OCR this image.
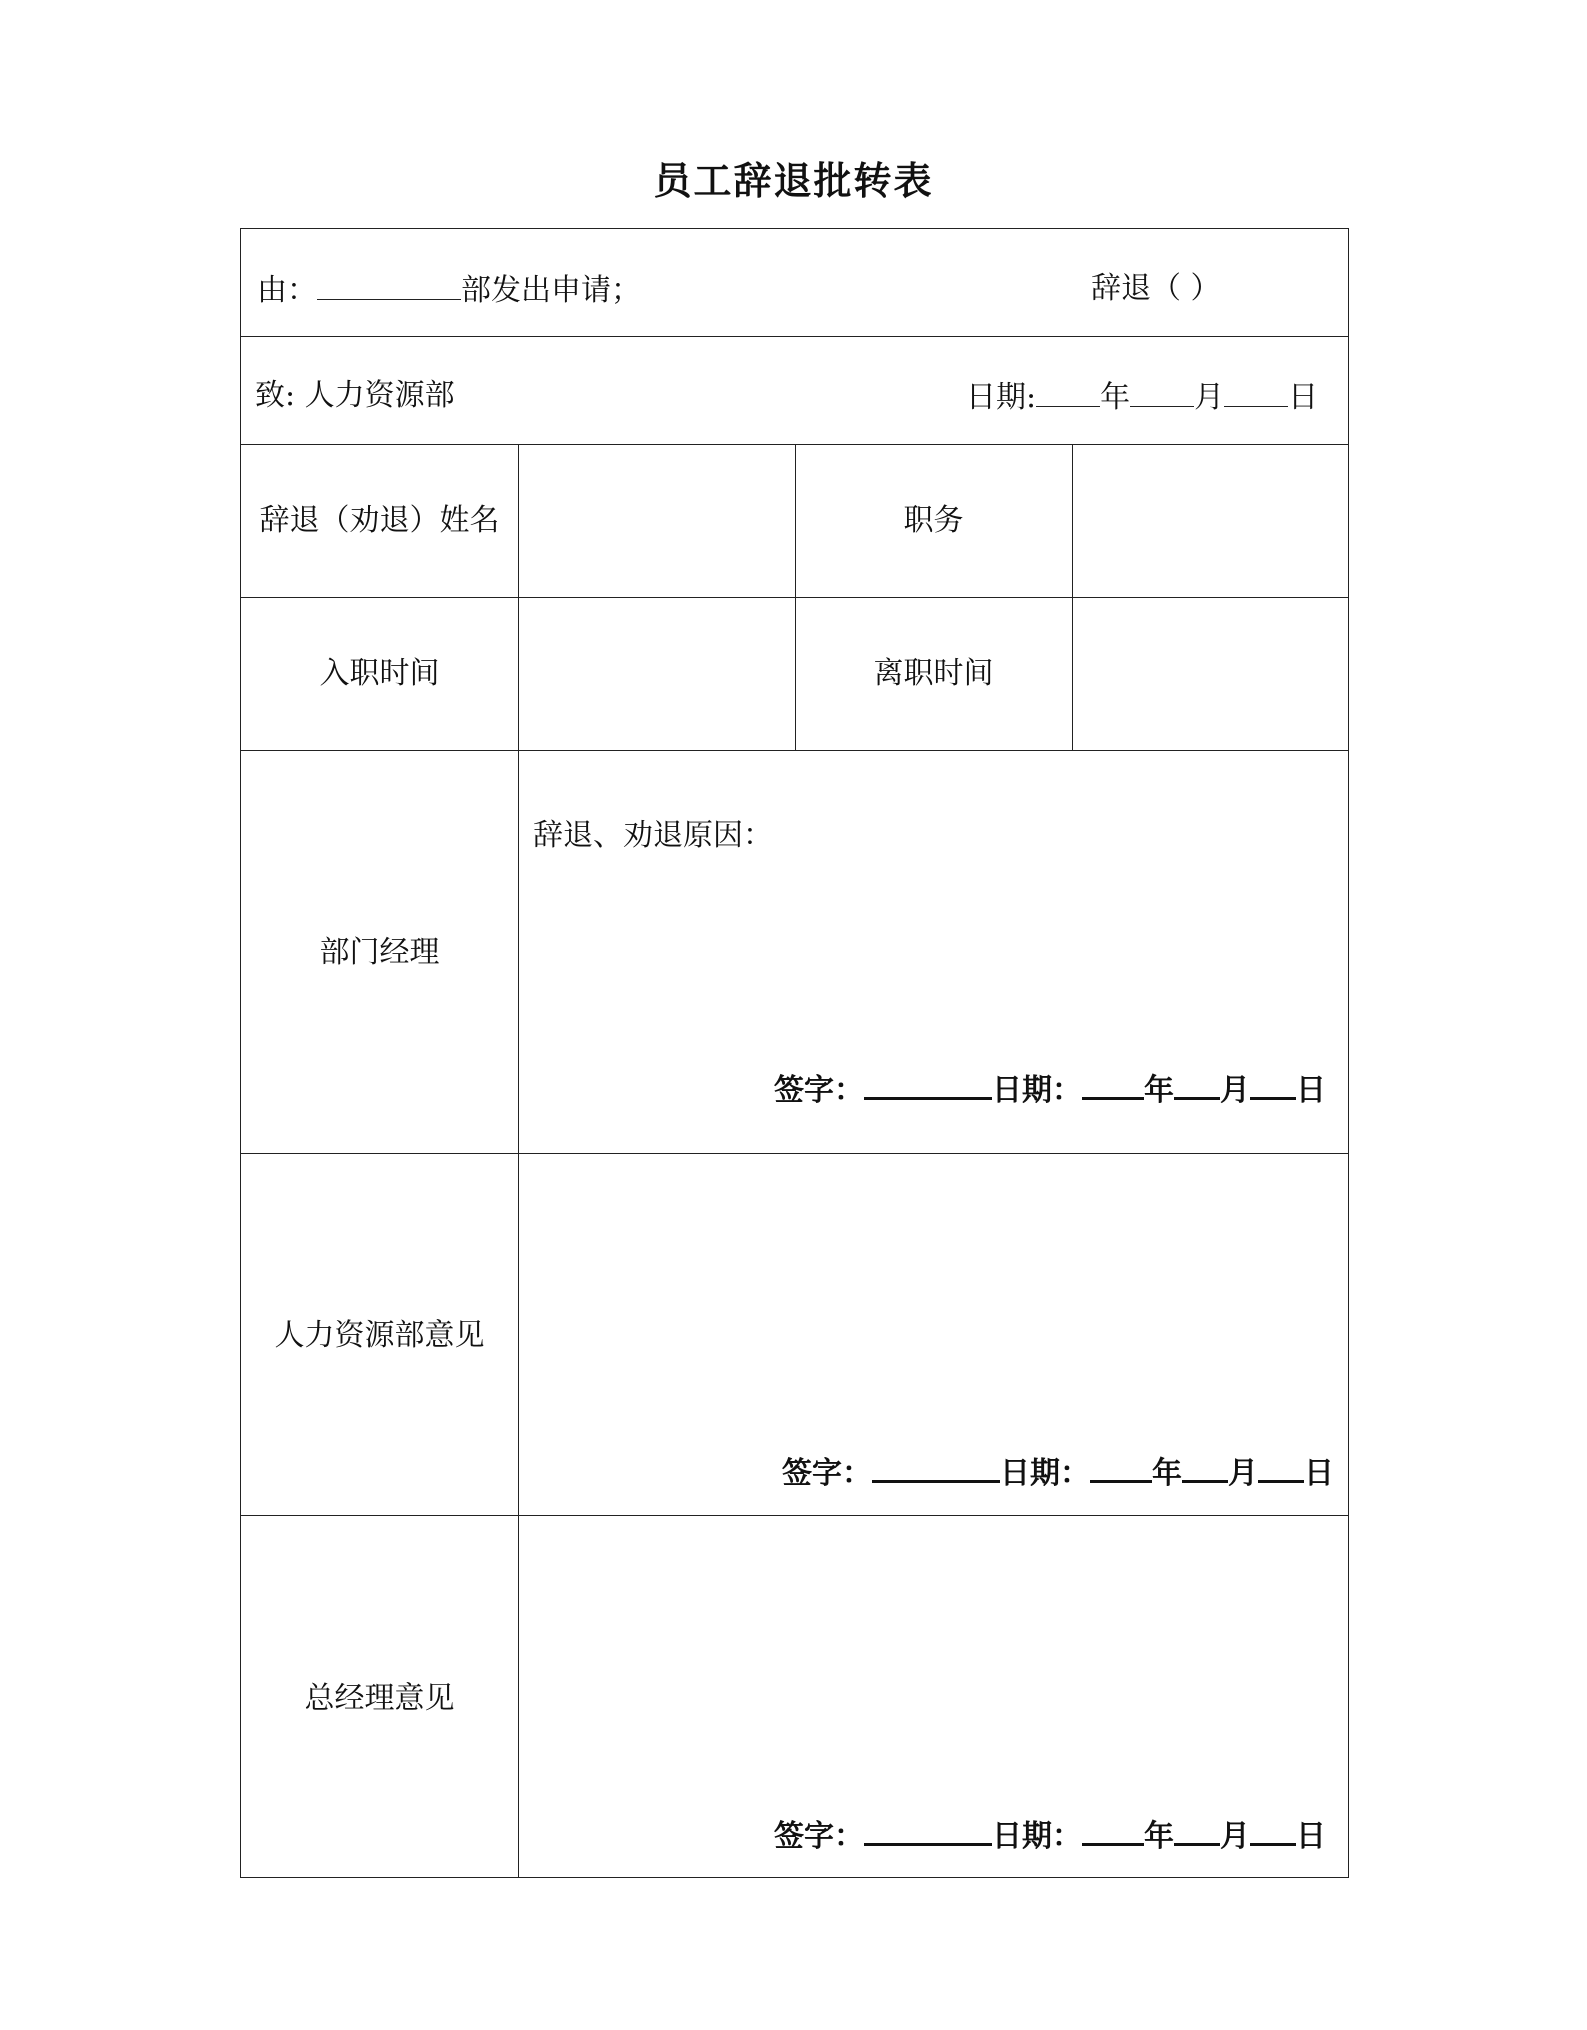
员工辞退批转表
由：	部发出申请；	辞退（ ）
致: 人力资源部	日期: 年 月 日
辞退（劝退）姓名	职务
入职时间	离职时间
部门经理
辞退、劝退原因：
签字：	日期： 年 月 日
人力资源部意见
签字：	日期： 年 月 日
总经理意见
签字：	日期： 年 月 日
